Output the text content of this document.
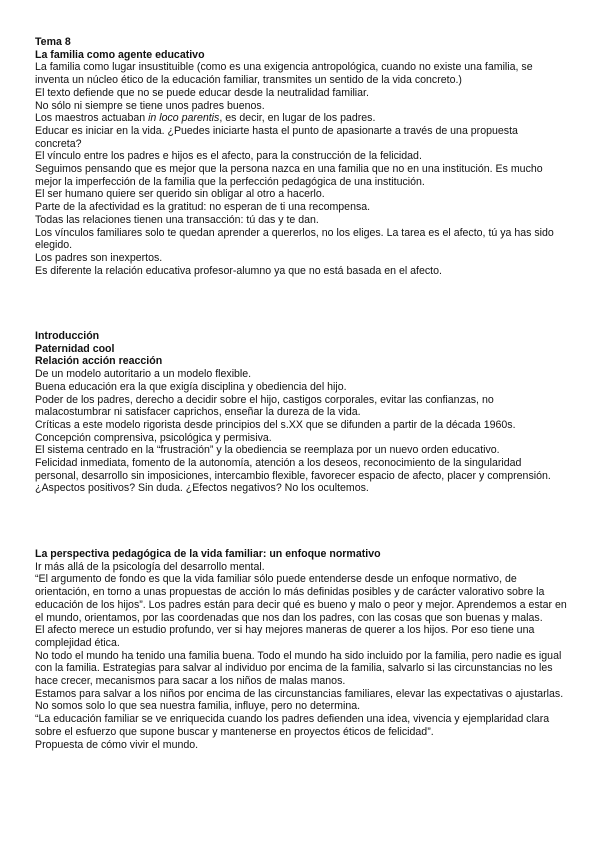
Tema 8

La familia como agente educativo

La familia como lugar insustituible (como es una exigencia antropológica, cuando no existe una familia, se inventa un núcleo ético de la educación familiar, transmites un sentido de la vida concreto.)

El texto defiende que no se puede educar desde la neutralidad familiar.

No sólo ni siempre se tiene unos padres buenos.

Los maestros actuaban in loco parentis, es decir, en lugar de los padres.

Educar es iniciar en la vida. ¿Puedes iniciarte hasta el punto de apasionarte a través de una propuesta concreta?

El vínculo entre los padres e hijos es el afecto, para la construcción de la felicidad.

Seguimos pensando que es mejor que la persona nazca en una familia que no en una institución. Es mucho mejor la imperfección de la familia que la perfección pedagógica de una institución.

El ser humano quiere ser querido sin obligar al otro a hacerlo.

Parte de la afectividad es la gratitud: no esperan de ti una recompensa.

Todas las relaciones tienen una transacción: tú das y te dan.

Los vínculos familiares solo te quedan aprender a quererlos, no los eliges. La tarea es el afecto, tú ya has sido elegido.

Los padres son inexpertos.

Es diferente la relación educativa profesor-alumno ya que no está basada en el afecto.

Introducción

Paternidad cool

Relación acción reacción

De un modelo autoritario a un modelo flexible.

Buena educación era la que exigía disciplina y obediencia del hijo.

Poder de los padres, derecho a decidir sobre el hijo, castigos corporales, evitar las confianzas, no malacostumbrar ni satisfacer caprichos, enseñar la dureza de la vida.

Críticas a este modelo rigorista desde principios del s.XX que se difunden a partir de la década 1960s.

Concepción comprensiva, psicológica y permisiva.

El sistema centrado en la “frustración” y la obediencia se reemplaza por un nuevo orden educativo.

Felicidad inmediata, fomento de la autonomía, atención a los deseos, reconocimiento de la singularidad personal, desarrollo sin imposiciones, intercambio flexible, favorecer espacio de afecto, placer y comprensión.

¿Aspectos positivos? Sin duda. ¿Efectos negativos? No los ocultemos.

La perspectiva pedagógica de la vida familiar: un enfoque normativo

Ir más allá de la psicología del desarrollo mental.

“El argumento de fondo es que la vida familiar sólo puede entenderse desde un enfoque normativo, de orientación, en torno a unas propuestas de acción lo más definidas posibles y de carácter valorativo sobre la educación de los hijos”. Los padres están para decir qué es bueno y malo o peor y mejor. Aprendemos a estar en el mundo, orientamos, por las coordenadas que nos dan los padres, con las cosas que son buenas y malas.

El afecto merece un estudio profundo, ver si hay mejores maneras de querer a los hijos. Por eso tiene una complejidad ética.

No todo el mundo ha tenido una familia buena. Todo el mundo ha sido incluido por la familia, pero nadie es igual con la familia. Estrategias para salvar al individuo por encima de la familia, salvarlo si las circunstancias no les hace crecer, mecanismos para sacar a los niños de malas manos.

Estamos para salvar a los niños por encima de las circunstancias familiares, elevar las expectativas o ajustarlas.

No somos solo lo que sea nuestra familia, influye, pero no determina.

“La educación familiar se ve enriquecida cuando los padres defienden una idea, vivencia y ejemplaridad clara sobre el esfuerzo que supone buscar y mantenerse en proyectos éticos de felicidad”.

Propuesta de cómo vivir el mundo.
